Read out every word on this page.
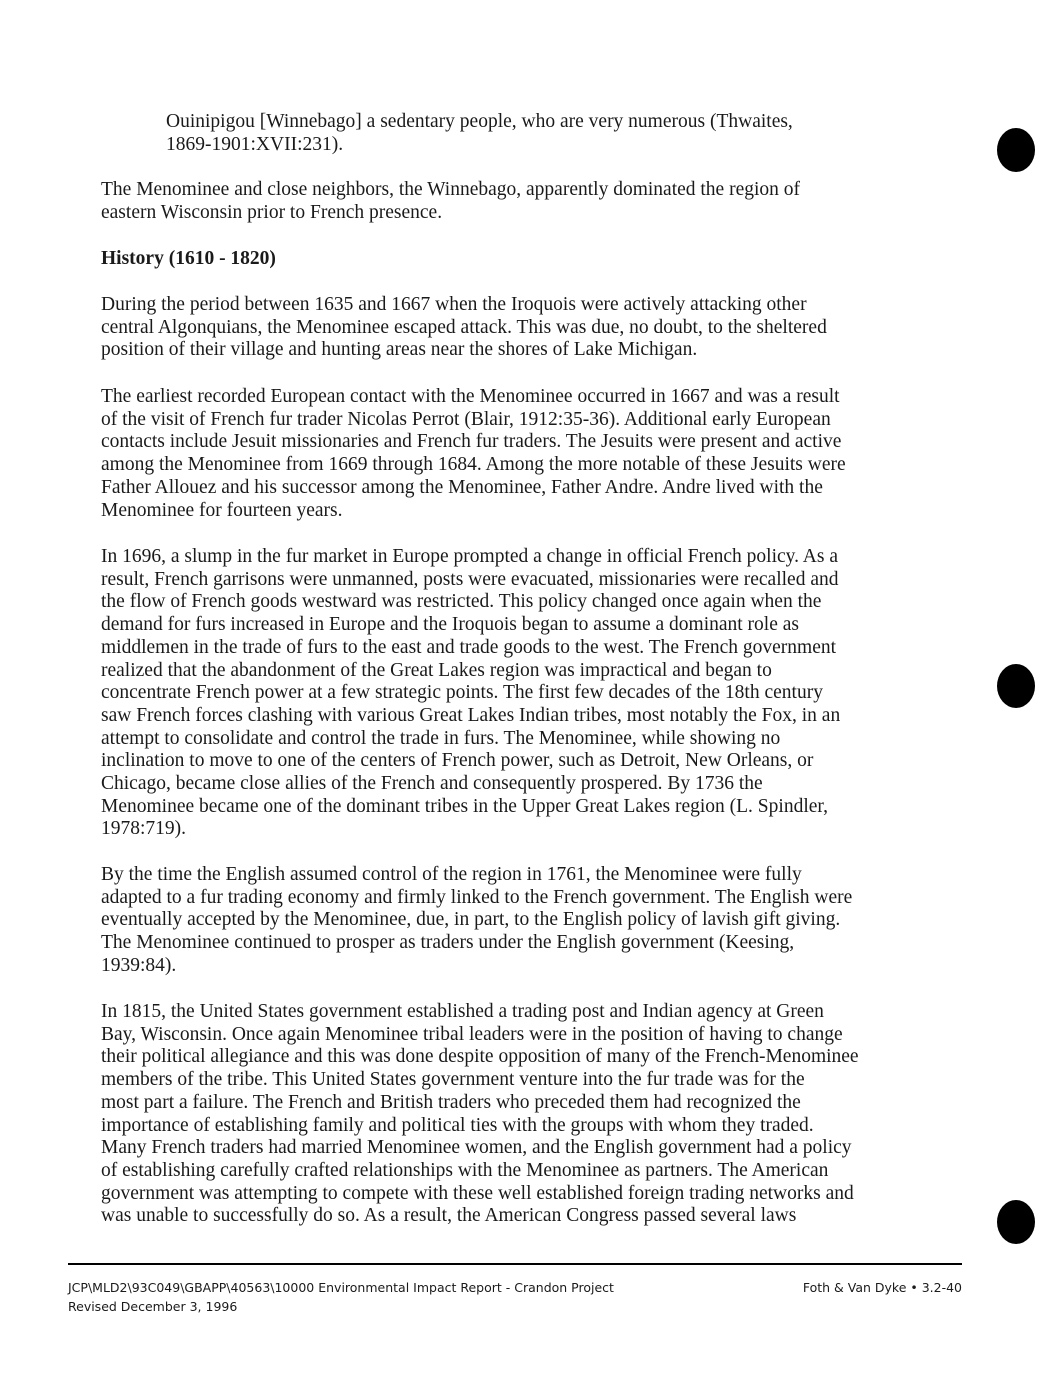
Ouinipigou [Winnebago] a sedentary people, who are very numerous (Thwaites,
1869-1901:XVII:231).
The Menominee and close neighbors, the Winnebago, apparently dominated the region of
eastern Wisconsin prior to French presence.
History (1610 - 1820)
During the period between 1635 and 1667 when the Iroquois were actively attacking other
central Algonquians, the Menominee escaped attack. This was due, no doubt, to the sheltered
position of their village and hunting areas near the shores of Lake Michigan.
The earliest recorded European contact with the Menominee occurred in 1667 and was a result
of the visit of French fur trader Nicolas Perrot (Blair, 1912:35-36). Additional early European
contacts include Jesuit missionaries and French fur traders. The Jesuits were present and active
among the Menominee from 1669 through 1684. Among the more notable of these Jesuits were
Father Allouez and his successor among the Menominee, Father Andre. Andre lived with the
Menominee for fourteen years.
In 1696, a slump in the fur market in Europe prompted a change in official French policy. As a
result, French garrisons were unmanned, posts were evacuated, missionaries were recalled and
the flow of French goods westward was restricted. This policy changed once again when the
demand for furs increased in Europe and the Iroquois began to assume a dominant role as
middlemen in the trade of furs to the east and trade goods to the west. The French government
realized that the abandonment of the Great Lakes region was impractical and began to
concentrate French power at a few strategic points. The first few decades of the 18th century
saw French forces clashing with various Great Lakes Indian tribes, most notably the Fox, in an
attempt to consolidate and control the trade in furs. The Menominee, while showing no
inclination to move to one of the centers of French power, such as Detroit, New Orleans, or
Chicago, became close allies of the French and consequently prospered. By 1736 the
Menominee became one of the dominant tribes in the Upper Great Lakes region (L. Spindler,
1978:719).
By the time the English assumed control of the region in 1761, the Menominee were fully
adapted to a fur trading economy and firmly linked to the French government. The English were
eventually accepted by the Menominee, due, in part, to the English policy of lavish gift giving.
The Menominee continued to prosper as traders under the English government (Keesing,
1939:84).
In 1815, the United States government established a trading post and Indian agency at Green
Bay, Wisconsin. Once again Menominee tribal leaders were in the position of having to change
their political allegiance and this was done despite opposition of many of the French-Menominee
members of the tribe. This United States government venture into the fur trade was for the
most part a failure. The French and British traders who preceded them had recognized the
importance of establishing family and political ties with the groups with whom they traded.
Many French traders had married Menominee women, and the English government had a policy
of establishing carefully crafted relationships with the Menominee as partners. The American
government was attempting to compete with these well established foreign trading networks and
was unable to successfully do so. As a result, the American Congress passed several laws
JCP\MLD2\93C049\GBAPP\40563\10000 Environmental Impact Report - Crandon Project
Revised December 3, 1996
Foth & Van Dyke • 3.2-40
